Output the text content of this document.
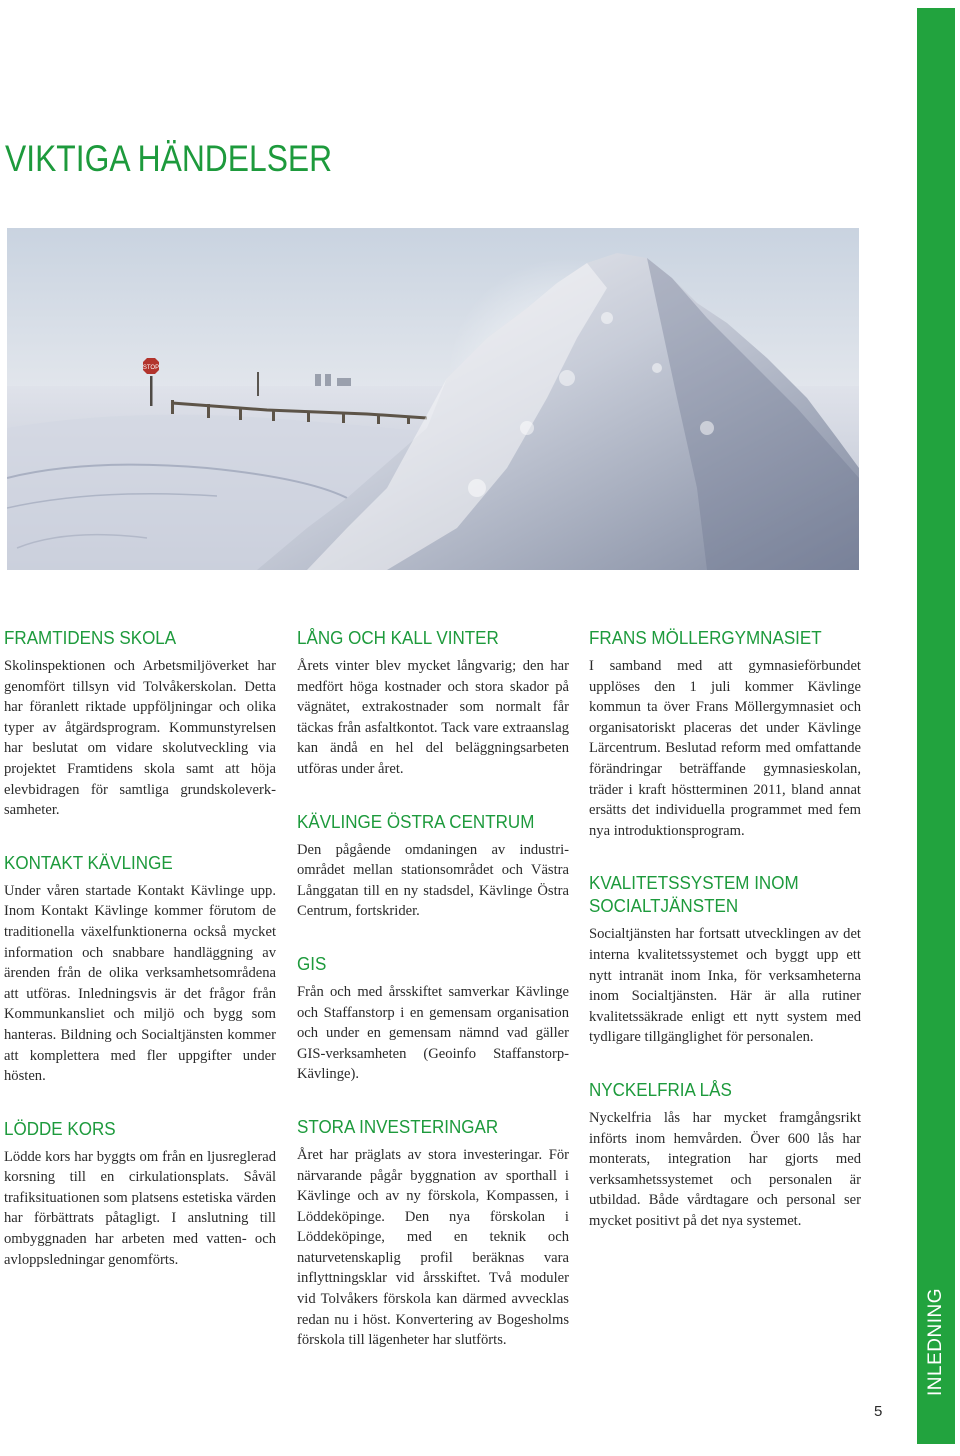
VIKTIGA HÄNDELSER
STOP
FRAMTIDENS SKOLA

Skolinspektionen och Arbetsmiljöverket har genomfört tillsyn vid Tolvåkerskolan. Detta har föranlett riktade uppföljningar och olika typer av åtgärdsprogram. Kommunstyrelsen har beslutat om vidare skolutveckling via projektet Framtidens skola samt att höja elevbidragen för samtliga grundskoleverksamheter.

KONTAKT KÄVLINGE

Under våren startade Kontakt Kävlinge upp. Inom Kontakt Kävlinge kommer förutom de traditionella växelfunktionerna också mycket information och snabbare handläggning av ärenden från de olika verksamhetsområdena att utföras. Inledningsvis är det frågor från Kommunkansliet och miljö och bygg som hanteras. Bildning och Socialtjänsten kommer att komplettera med fler uppgifter under hösten.

LÖDDE KORS

Lödde kors har byggts om från en ljusreglerad korsning till en cirkulationsplats. Såväl trafiksituationen som platsens estetiska värden har förbättrats påtagligt. I anslutning till ombyggnaden har arbeten med vatten- och avloppsledningar genomförts.

LÅNG OCH KALL VINTER

Årets vinter blev mycket långvarig; den har medfört höga kostnader och stora skador på vägnätet, extrakostnader som normalt får täckas från asfaltkontot. Tack vare extraanslag kan ändå en hel del beläggningsarbeten utföras under året.

KÄVLINGE ÖSTRA CENTRUM

Den pågående omdaningen av industriområdet mellan stationsområdet och Västra Långgatan till en ny stadsdel, Kävlinge Östra Centrum, fortskrider.

GIS

Från och med årsskiftet samverkar Kävlinge och Staffanstorp i en gemensam organisation och under en gemensam nämnd vad gäller GIS-verksamheten (Geoinfo Staffanstorp-Kävlinge).

STORA INVESTERINGAR

Året har präglats av stora investeringar. För närvarande pågår byggnation av sporthall i Kävlinge och av ny förskola, Kompassen, i Löddeköpinge. Den nya förskolan i Löddeköpinge, med en teknik och naturvetenskaplig profil beräknas vara inflyttningsklar vid årsskiftet. Två moduler vid Tolvåkers förskola kan därmed avvecklas redan nu i höst. Konvertering av Bogesholms förskola till lägenheter har slutförts.

FRANS MÖLLERGYMNASIET

I samband med att gymnasieförbundet upplöses den 1 juli kommer Kävlinge kommun ta över Frans Möllergymnasiet och organisatoriskt placeras det under Kävlinge Lärcentrum. Beslutad reform med omfattande förändringar beträffande gymnasieskolan, träder i kraft höstterminen 2011, bland annat ersätts det individuella programmet med fem nya introduktionsprogram.

KVALITETSSYSTEM INOM SOCIALTJÄNSTEN

Socialtjänsten har fortsatt utvecklingen av det interna kvalitetssystemet och byggt upp ett nytt intranät inom Inka, för verksamheterna inom Socialtjänsten. Här är alla rutiner kvalitetssäkrade enligt ett nytt system med tydligare tillgänglighet för personalen.

NYCKELFRIA LÅS

Nyckelfria lås har mycket framgångsrikt införts inom hemvården. Över 600 lås har monterats, integration har gjorts med verksamhetssystemet och personalen är utbildad. Både vårdtagare och personal ser mycket positivt på det nya systemet.

INLEDNING
5
